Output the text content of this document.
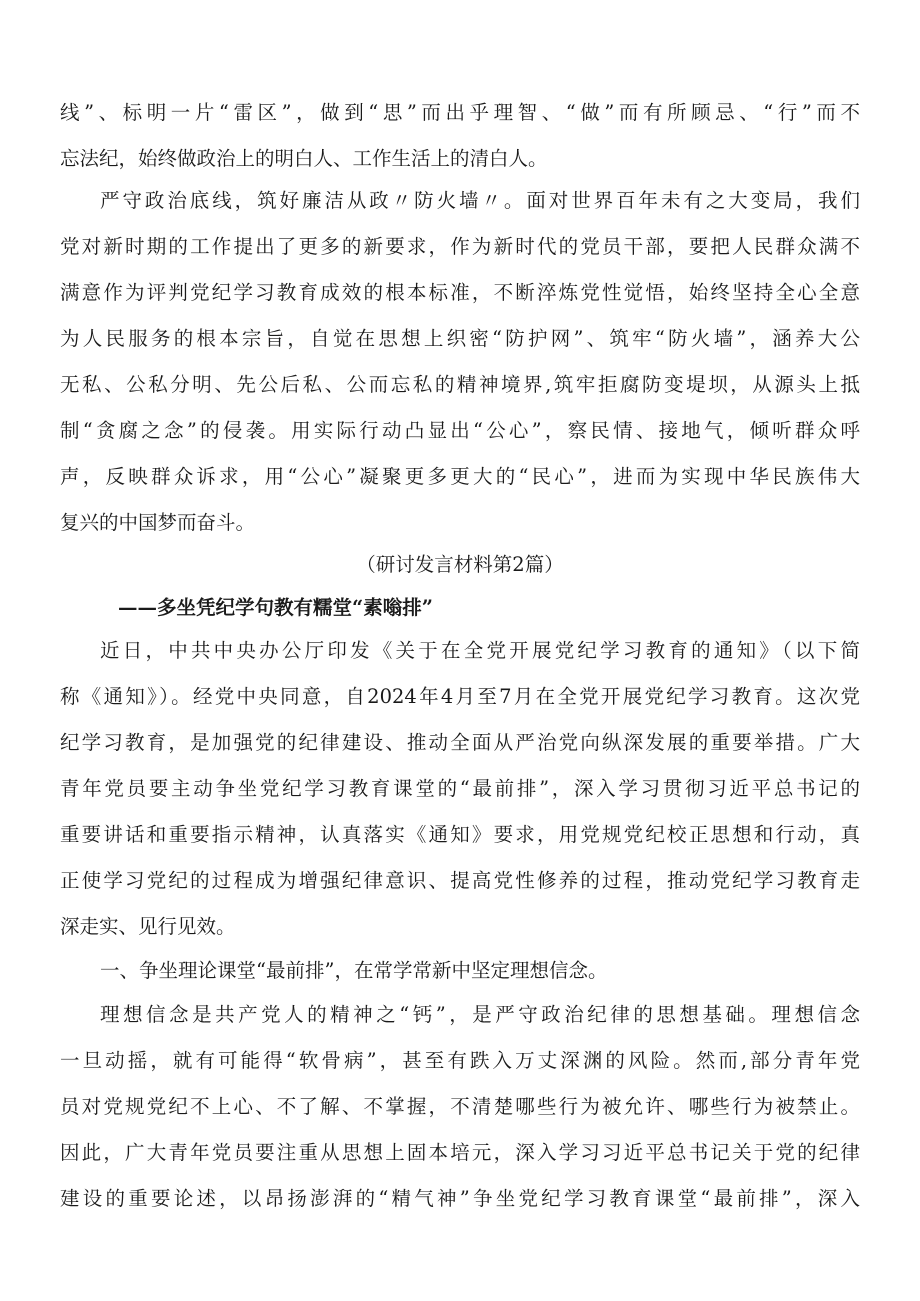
线”、标明一片“雷区”，做到“思”而出乎理智、“做”而有所顾忌、“行”而不
忘法纪，始终做政治上的明白人、工作生活上的清白人。
严守政治底线，筑好廉洁从政〃防火墙〃。面对世界百年未有之大变局，我们
党对新时期的工作提出了更多的新要求，作为新时代的党员干部，要把人民群众满不
满意作为评判党纪学习教育成效的根本标准，不断淬炼党性觉悟，始终坚持全心全意
为人民服务的根本宗旨，自觉在思想上织密“防护网”、筑牢“防火墙”，涵养大公
无私、公私分明、先公后私、公而忘私的精神境界,筑牢拒腐防变堤坝，从源头上抵
制“贪腐之念”的侵袭。用实际行动凸显出“公心”，察民情、接地气，倾听群众呼
声，反映群众诉求，用“公心”凝聚更多更大的“民心”，进而为实现中华民族伟大
复兴的中国梦而奋斗。
（研讨发言材料第2篇）
——多坐凭纪学句教有糯堂“素嗡排”
近日，中共中央办公厅印发《关于在全党开展党纪学习教育的通知》（以下简
称《通知》）。经党中央同意，自2024年4月至7月在全党开展党纪学习教育。这次党
纪学习教育，是加强党的纪律建设、推动全面从严治党向纵深发展的重要举措。广大
青年党员要主动争坐党纪学习教育课堂的“最前排”，深入学习贯彻习近平总书记的
重要讲话和重要指示精神，认真落实《通知》要求，用党规党纪校正思想和行动，真
正使学习党纪的过程成为增强纪律意识、提高党性修养的过程，推动党纪学习教育走
深走实、见行见效。
一、争坐理论课堂“最前排”，在常学常新中坚定理想信念。
理想信念是共产党人的精神之“钙”，是严守政治纪律的思想基础。理想信念
一旦动摇，就有可能得“软骨病”，甚至有跌入万丈深渊的风险。然而,部分青年党
员对党规党纪不上心、不了解、不掌握，不清楚哪些行为被允许、哪些行为被禁止。
因此，广大青年党员要注重从思想上固本培元，深入学习习近平总书记关于党的纪律
建设的重要论述，以昂扬澎湃的“精气神”争坐党纪学习教育课堂“最前排”，深入
